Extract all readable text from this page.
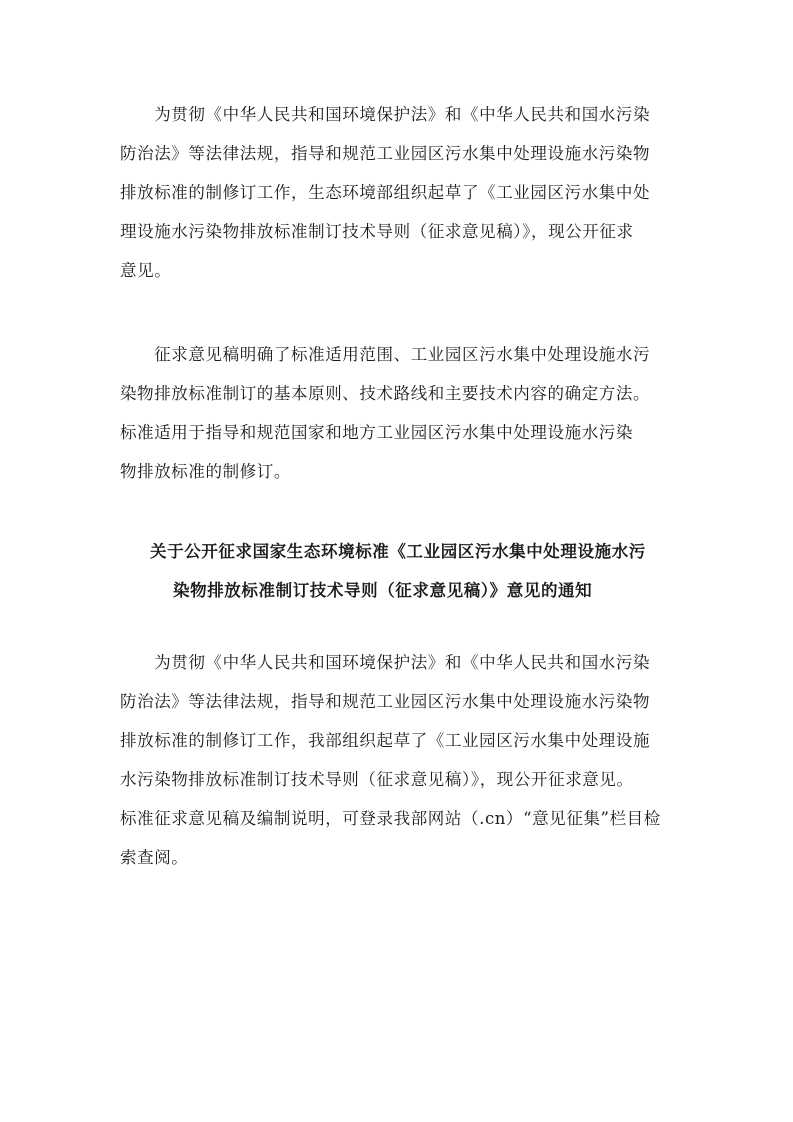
　　为贯彻《中华人民共和国环境保护法》和《中华人民共和国水污染
防治法》等法律法规，指导和规范工业园区污水集中处理设施水污染物
排放标准的制修订工作，生态环境部组织起草了《工业园区污水集中处
理设施水污染物排放标准制订技术导则（征求意见稿）》，现公开征求
意见。
　　征求意见稿明确了标准适用范围、工业园区污水集中处理设施水污
染物排放标准制订的基本原则、技术路线和主要技术内容的确定方法。
标准适用于指导和规范国家和地方工业园区污水集中处理设施水污染
物排放标准的制修订。
关于公开征求国家生态环境标准《工业园区污水集中处理设施水污
染物排放标准制订技术导则（征求意见稿）》意见的通知
　　为贯彻《中华人民共和国环境保护法》和《中华人民共和国水污染
防治法》等法律法规，指导和规范工业园区污水集中处理设施水污染物
排放标准的制修订工作，我部组织起草了《工业园区污水集中处理设施
水污染物排放标准制订技术导则（征求意见稿）》，现公开征求意见。
标准征求意见稿及编制说明，可登录我部网站（.cn）“意见征集”栏目检
索查阅。
